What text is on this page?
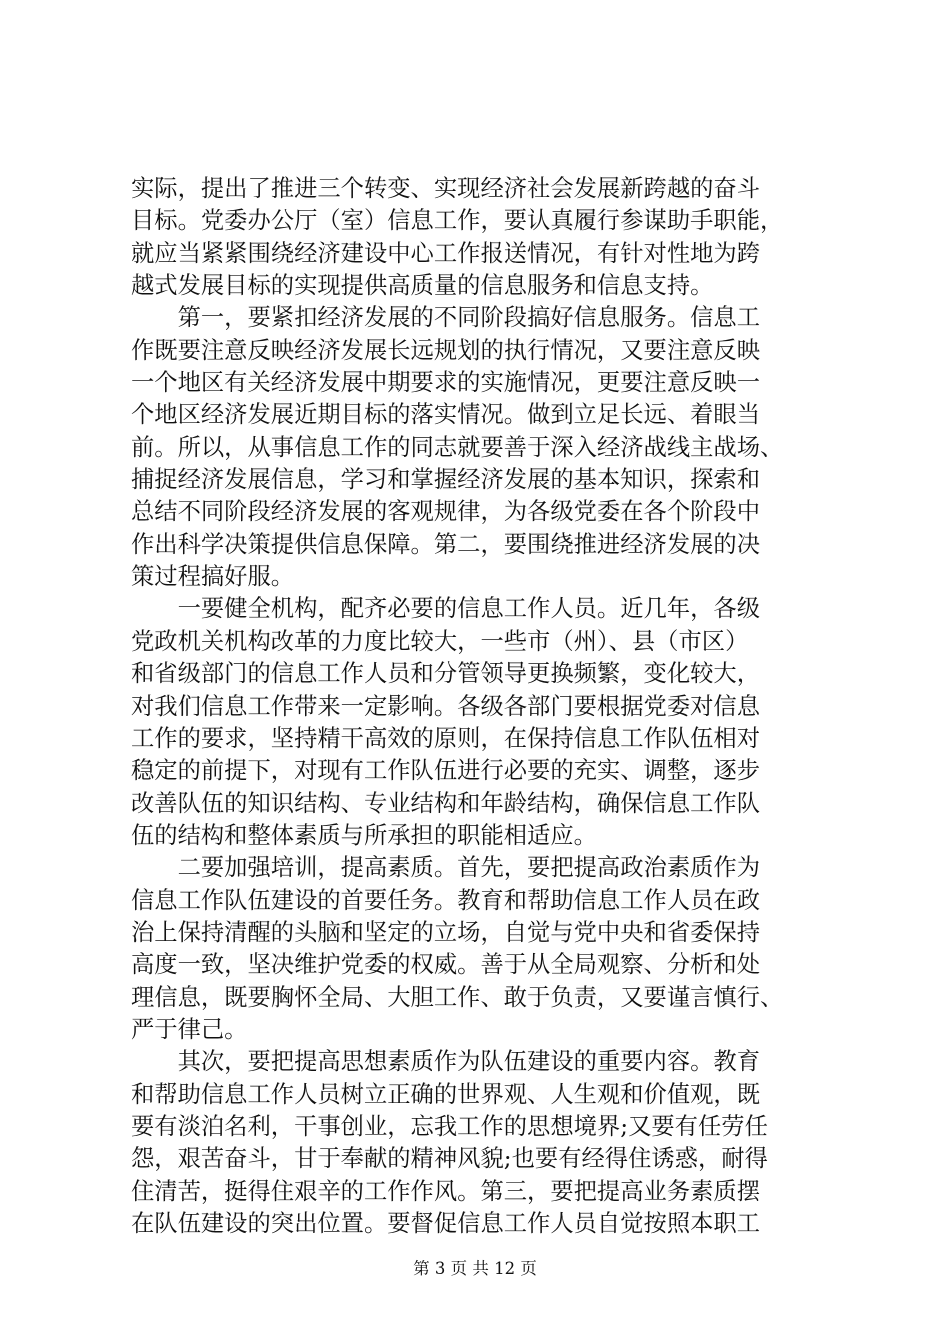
实际，提出了推进三个转变、实现经济社会发展新跨越的奋斗
目标。党委办公厅（室）信息工作，要认真履行参谋助手职能，
就应当紧紧围绕经济建设中心工作报送情况，有针对性地为跨
越式发展目标的实现提供高质量的信息服务和信息支持。
　　第一，要紧扣经济发展的不同阶段搞好信息服务。信息工
作既要注意反映经济发展长远规划的执行情况，又要注意反映
一个地区有关经济发展中期要求的实施情况，更要注意反映一
个地区经济发展近期目标的落实情况。做到立足长远、着眼当
前。所以，从事信息工作的同志就要善于深入经济战线主战场、
捕捉经济发展信息，学习和掌握经济发展的基本知识，探索和
总结不同阶段经济发展的客观规律，为各级党委在各个阶段中
作出科学决策提供信息保障。第二，要围绕推进经济发展的决
策过程搞好服。
　　一要健全机构，配齐必要的信息工作人员。近几年，各级
党政机关机构改革的力度比较大，一些市（州）、县（市区）
和省级部门的信息工作人员和分管领导更换频繁，变化较大，
对我们信息工作带来一定影响。各级各部门要根据党委对信息
工作的要求，坚持精干高效的原则，在保持信息工作队伍相对
稳定的前提下，对现有工作队伍进行必要的充实、调整，逐步
改善队伍的知识结构、专业结构和年龄结构，确保信息工作队
伍的结构和整体素质与所承担的职能相适应。
　　二要加强培训，提高素质。首先，要把提高政治素质作为
信息工作队伍建设的首要任务。教育和帮助信息工作人员在政
治上保持清醒的头脑和坚定的立场，自觉与党中央和省委保持
高度一致，坚决维护党委的权威。善于从全局观察、分析和处
理信息，既要胸怀全局、大胆工作、敢于负责，又要谨言慎行、
严于律己。
　　其次，要把提高思想素质作为队伍建设的重要内容。教育
和帮助信息工作人员树立正确的世界观、人生观和价值观，既
要有淡泊名利，干事创业，忘我工作的思想境界;又要有任劳任
怨，艰苦奋斗，甘于奉献的精神风貌;也要有经得住诱惑，耐得
住清苦，挺得住艰辛的工作作风。第三，要把提高业务素质摆
在队伍建设的突出位置。要督促信息工作人员自觉按照本职工
第 3 页 共 12 页
